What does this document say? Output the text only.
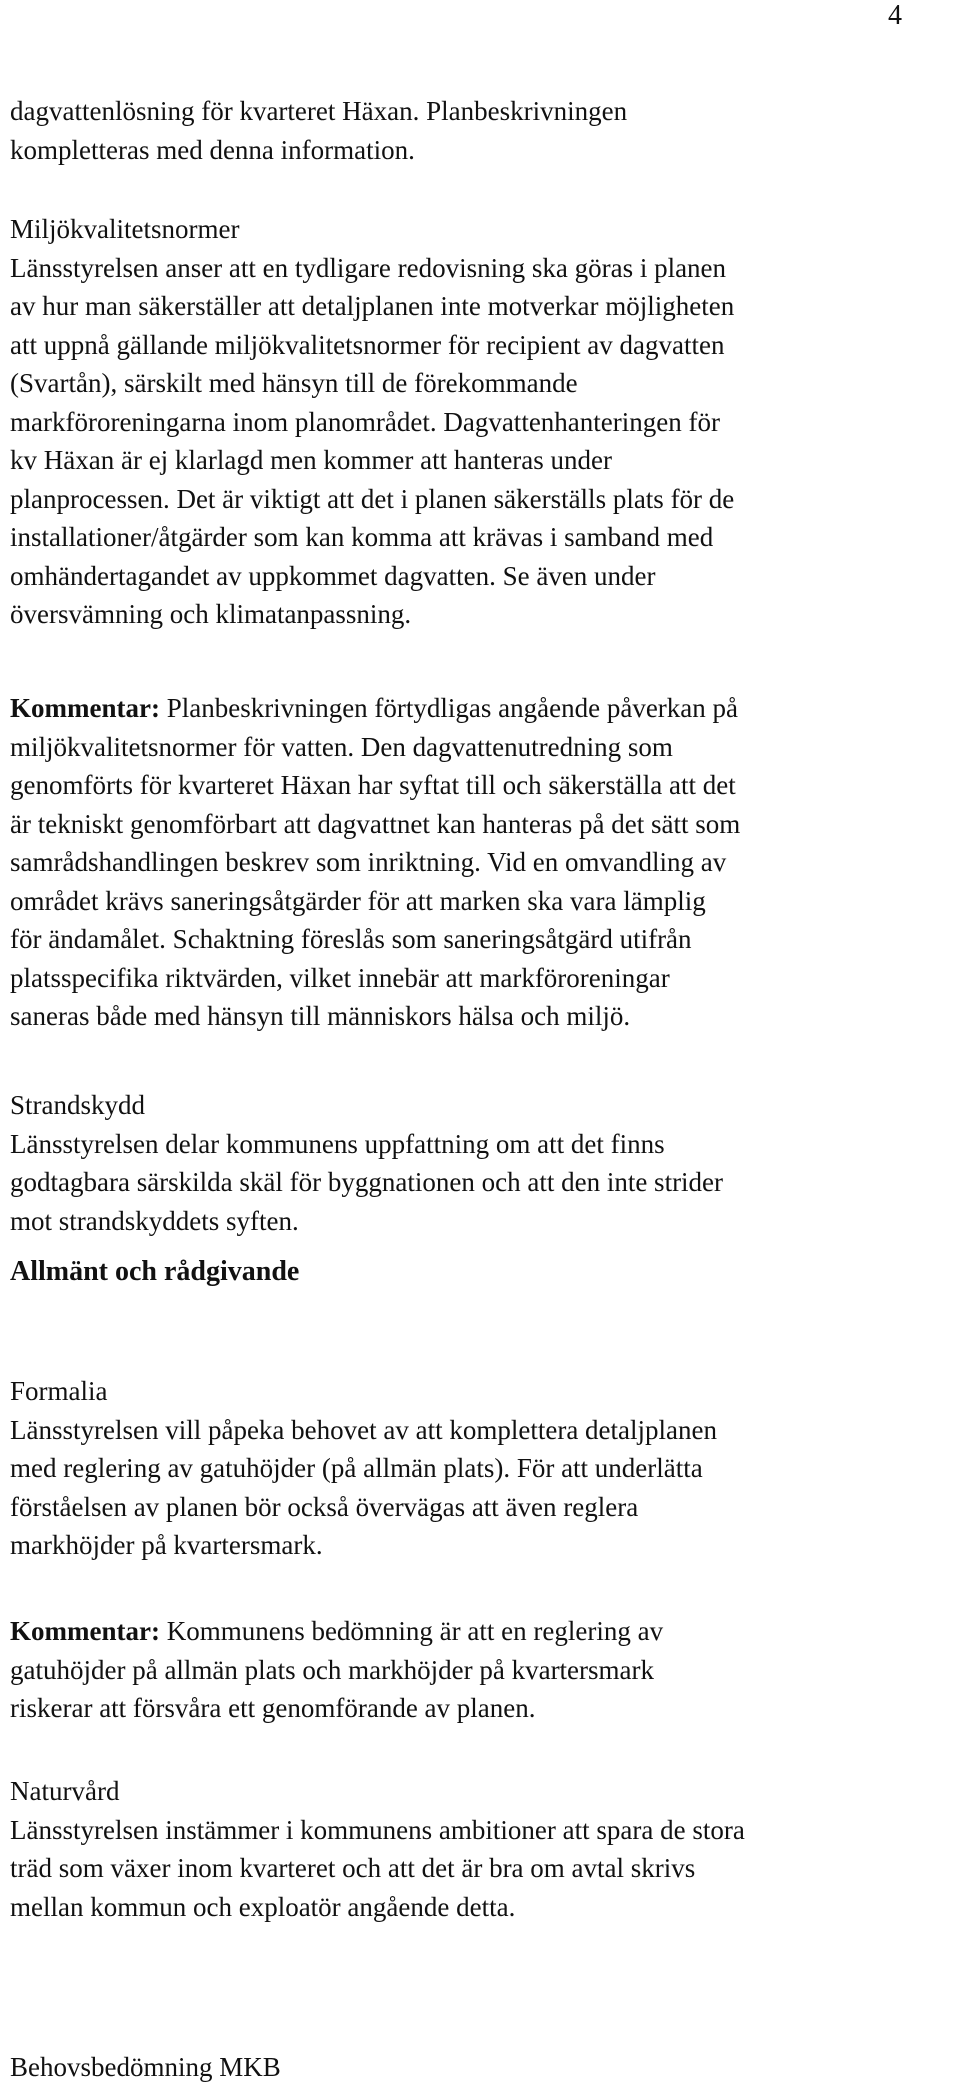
4
dagvattenlösning för kvarteret Häxan. Planbeskrivningen
kompletteras med denna information.
Miljökvalitetsnormer
Länsstyrelsen anser att en tydligare redovisning ska göras i planen
av hur man säkerställer att detaljplanen inte motverkar möjligheten
att uppnå gällande miljökvalitetsnormer för recipient av dagvatten
(Svartån), särskilt med hänsyn till de förekommande
markföroreningarna inom planområdet. Dagvattenhanteringen för
kv Häxan är ej klarlagd men kommer att hanteras under
planprocessen. Det är viktigt att det i planen säkerställs plats för de
installationer/åtgärder som kan komma att krävas i samband med
omhändertagandet av uppkommet dagvatten. Se även under
översvämning och klimatanpassning.
Kommentar: Planbeskrivningen förtydligas angående påverkan på
miljökvalitetsnormer för vatten. Den dagvattenutredning som
genomförts för kvarteret Häxan har syftat till och säkerställa att det
är tekniskt genomförbart att dagvattnet kan hanteras på det sätt som
samrådshandlingen beskrev som inriktning. Vid en omvandling av
området krävs saneringsåtgärder för att marken ska vara lämplig
för ändamålet. Schaktning föreslås som saneringsåtgärd utifrån
platsspecifika riktvärden, vilket innebär att markföroreningar
saneras både med hänsyn till människors hälsa och miljö.
Strandskydd
Länsstyrelsen delar kommunens uppfattning om att det finns
godtagbara särskilda skäl för byggnationen och att den inte strider
mot strandskyddets syften.
Allmänt och rådgivande
Formalia
Länsstyrelsen vill påpeka behovet av att komplettera detaljplanen
med reglering av gatuhöjder (på allmän plats). För att underlätta
förståelsen av planen bör också övervägas att även reglera
markhöjder på kvartersmark.
Kommentar: Kommunens bedömning är att en reglering av
gatuhöjder på allmän plats och markhöjder på kvartersmark
riskerar att försvåra ett genomförande av planen.
Naturvård
Länsstyrelsen instämmer i kommunens ambitioner att spara de stora
träd som växer inom kvarteret och att det är bra om avtal skrivs
mellan kommun och exploatör angående detta.
Behovsbedömning MKB
